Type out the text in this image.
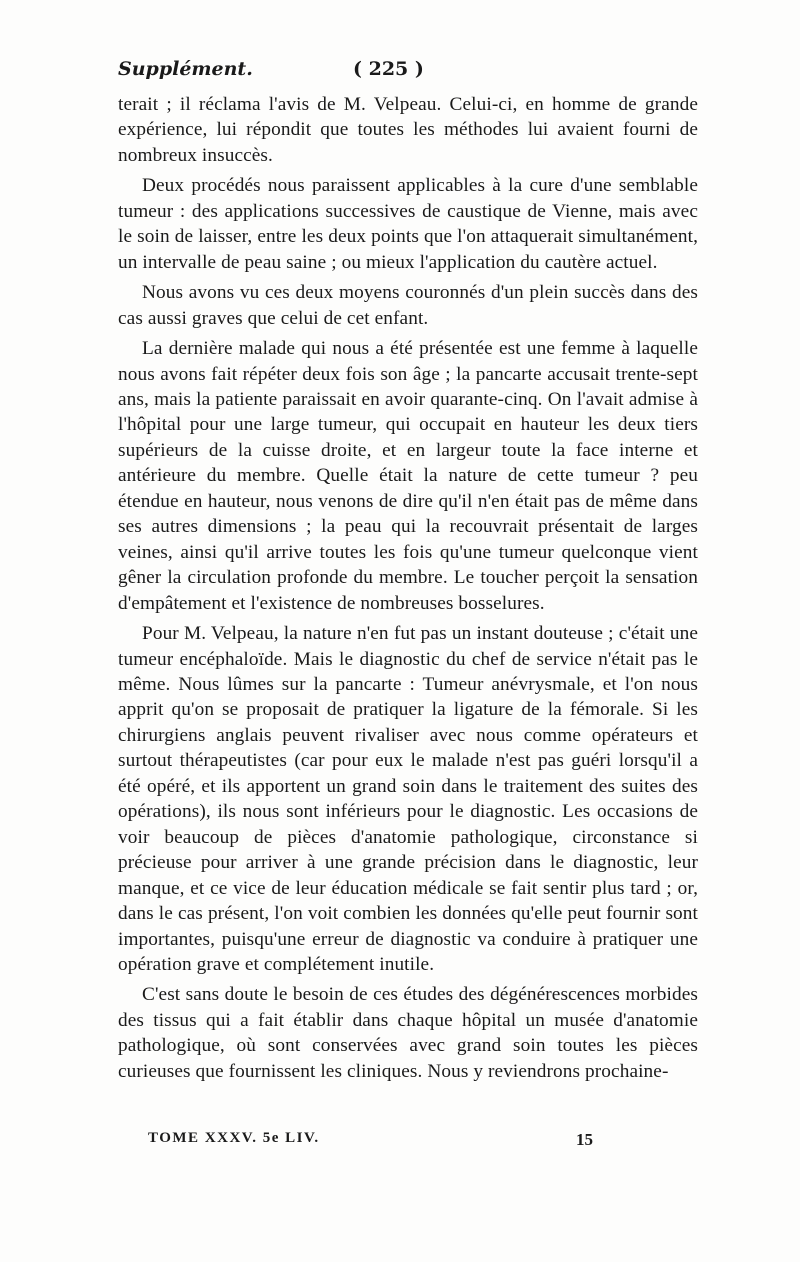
Supplément.	( 225 )

terait ; il réclama l'avis de M. Velpeau. Celui-ci, en homme de grande expérience, lui répondit que toutes les méthodes lui avaient fourni de nombreux insuccès.

Deux procédés nous paraissent applicables à la cure d'une semblable tumeur : des applications successives de caustique de Vienne, mais avec le soin de laisser, entre les deux points que l'on attaquerait simultanément, un intervalle de peau saine ; ou mieux l'application du cautère actuel.

Nous avons vu ces deux moyens couronnés d'un plein succès dans des cas aussi graves que celui de cet enfant.

La dernière malade qui nous a été présentée est une femme à laquelle nous avons fait répéter deux fois son âge ; la pancarte accusait trente-sept ans, mais la patiente paraissait en avoir quarante-cinq. On l'avait admise à l'hôpital pour une large tumeur, qui occupait en hauteur les deux tiers supérieurs de la cuisse droite, et en largeur toute la face interne et antérieure du membre. Quelle était la nature de cette tumeur ? peu étendue en hauteur, nous venons de dire qu'il n'en était pas de même dans ses autres dimensions ; la peau qui la recouvrait présentait de larges veines, ainsi qu'il arrive toutes les fois qu'une tumeur quelconque vient gêner la circulation profonde du membre. Le toucher perçoit la sensation d'empâtement et l'existence de nombreuses bosselures.

Pour M. Velpeau, la nature n'en fut pas un instant douteuse ; c'était une tumeur encéphaloïde. Mais le diagnostic du chef de service n'était pas le même. Nous lûmes sur la pancarte : Tumeur anévrysmale, et l'on nous apprit qu'on se proposait de pratiquer la ligature de la fémorale. Si les chirurgiens anglais peuvent rivaliser avec nous comme opérateurs et surtout thérapeutistes (car pour eux le malade n'est pas guéri lorsqu'il a été opéré, et ils apportent un grand soin dans le traitement des suites des opérations), ils nous sont inférieurs pour le diagnostic. Les occasions de voir beaucoup de pièces d'anatomie pathologique, circonstance si précieuse pour arriver à une grande précision dans le diagnostic, leur manque, et ce vice de leur éducation médicale se fait sentir plus tard ; or, dans le cas présent, l'on voit combien les données qu'elle peut fournir sont importantes, puisqu'une erreur de diagnostic va conduire à pratiquer une opération grave et complétement inutile.

C'est sans doute le besoin de ces études des dégénérescences morbides des tissus qui a fait établir dans chaque hôpital un musée d'anatomie pathologique, où sont conservées avec grand soin toutes les pièces curieuses que fournissent les cliniques. Nous y reviendrons prochaine-

TOME XXXV. 5e LIV.	15
